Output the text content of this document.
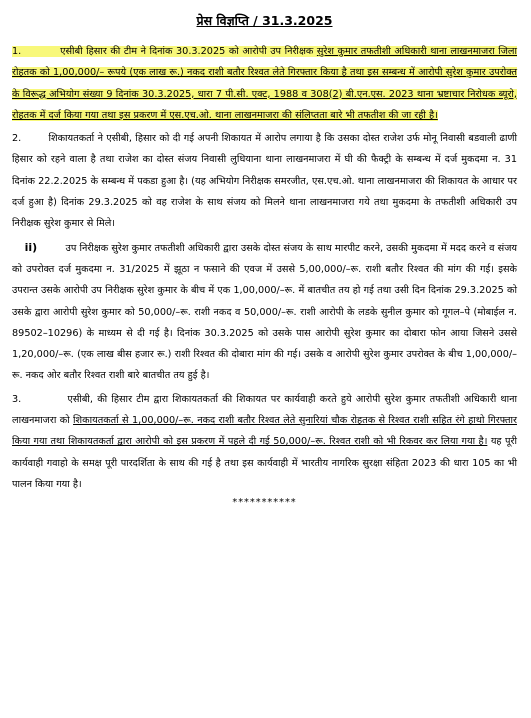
प्रेस विज्ञप्ति / 31.3.2025
1.	एसीबी हिसार की टीम ने दिनांक 30.3.2025 को आरोपी उप निरीक्षक सुरेश कुमार तफतीशी अधिकारी थाना लाखनमाजरा जिला रोहतक को 1,00,000/– रूपये (एक लाख रू.) नकद राशी बतौर रिश्वत लेते गिरफ्तार किया है तथा इस सम्बन्ध में आरोपी सुरेश कुमार उपरोक्त के विरूद्ध अभियोग संख्या 9 दिनांक 30.3.2025, धारा 7 पी.सी. एक्ट, 1988 व 308(2) बी.एन.एस. 2023 थाना भ्रष्टाचार निरोधक ब्यूरो, रोहतक में दर्ज किया गया तथा इस प्रकरण में एस.एच.ओ. थाना लाखनमाजरा की संलिप्तता बारे भी तफतीश की जा रही है।
2.	शिकायतकर्ता ने एसीबी, हिसार को दी गई अपनी शिकायत में आरोप लगाया है कि उसका दोस्त राजेश उर्फ मोनू निवासी बडवाली ढाणी हिसार को रहने वाला है तथा राजेश का दोस्त संजय निवासी लुधियाना थाना लाखनमाजरा में घी की फैक्ट्री के सम्बन्ध में दर्ज मुकदमा न. 31 दिनांक 22.2.2025 के सम्बन्ध में पकडा हुआ है। (यह अभियोग निरीक्षक समरजीत, एस.एच.ओ. थाना लाखनमाजरा की शिकायत के आधार पर दर्ज हुआ है) दिनांक 29.3.2025 को वह राजेश के साथ संजय को मिलने थाना लाखनमाजरा गये तथा मुकदमा के तफतीशी अधिकारी उप निरीक्षक सुरेश कुमार से मिले।
ii)	उप निरीक्षक सुरेश कुमार तफतीशी अधिकारी द्वारा उसके दोस्त संजय के साथ मारपीट करने, उसकी मुकदमा में मदद करने व संजय को उपरोक्त दर्ज मुकदमा न. 31/2025 में झूठा न फसाने की एवज में उससे 5,00,000/–रू. राशी बतौर रिश्वत की मांग की गई। इसके उपरान्त उसके आरोपी उप निरीक्षक सुरेश कुमार के बीच में एक 1,00,000/–रू. में बातचीत तय हो गई तथा उसी दिन दिनांक 29.3.2025 को उसके द्वारा आरोपी सुरेश कुमार को 50,000/–रू. राशी नकद व 50,000/–रू. राशी आरोपी के लडके सुनील कुमार को गूगल–पे (मोबाईल न. 89502–10296) के माध्यम से दी गई है। दिनांक 30.3.2025 को उसके पास आरोपी सुरेश कुमार का दोबारा फोन आया जिसने उससे 1,20,000/–रू. (एक लाख बीस हजार रू.) राशी रिश्वत की दोबारा मांग की गई। उसके व आरोपी सुरेश कुमार उपरोक्त के बीच 1,00,000/–रू. नकद ओर बतौर रिश्वत राशी बारे बातचीत तय हुई है।
3.	एसीबी, की हिसार टीम द्वारा शिकायतकर्ता की शिकायत पर कार्यवाही करते हुये आरोपी सुरेश कुमार तफतीशी अधिकारी थाना लाखनमाजरा को शिकायतकर्ता से 1,00,000/–रू. नकद राशी बतौर रिश्वत लेते सुनारियां चौक रोहतक से रिश्वत राशी सहित रंगे हाथो गिरफ्तार किया गया तथा शिकायतकर्ता द्वारा आरोपी को इस प्रकरण में पहले दी गई 50,000/–रू. रिश्वत राशी को भी रिकवर कर लिया गया है। यह पूरी कार्यवाही गवाहो के समक्ष पूरी पारदर्शिता के साथ की गई है तथा इस कार्यवाही में भारतीय नागरिक सुरक्षा संहिता 2023 की धारा 105 का भी पालन किया गया है।
***********
